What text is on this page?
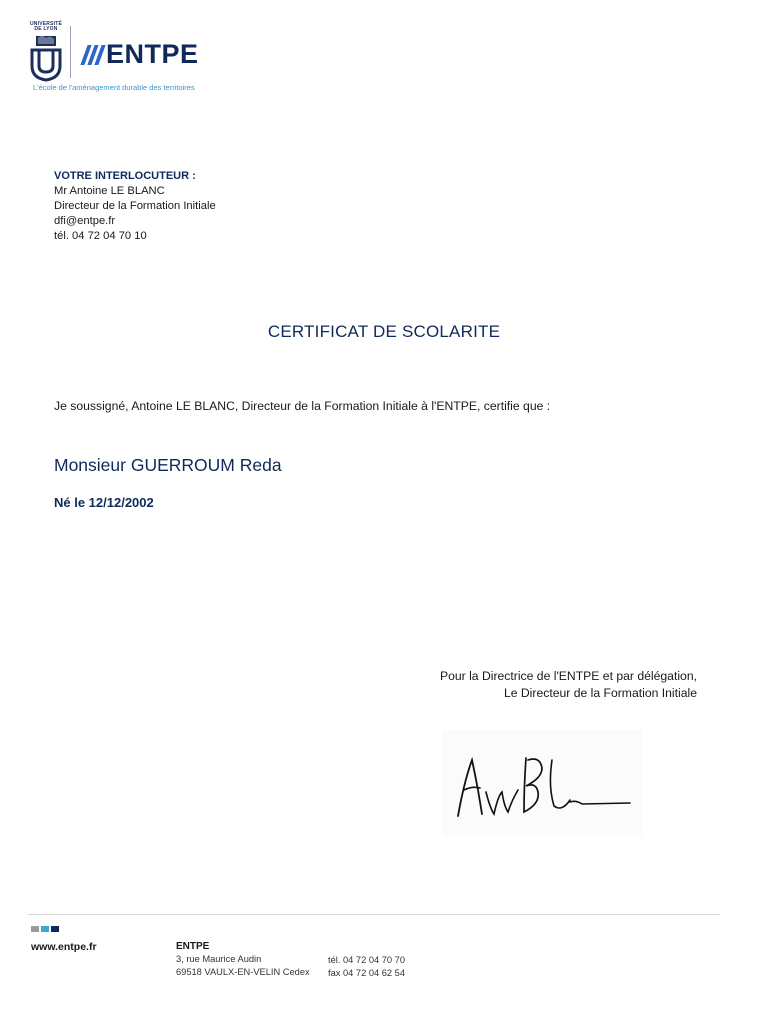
UNIVERSITÉ DE LYON
ENTPE
L'école de l'aménagement durable des territoires
VOTRE INTERLOCUTEUR :
Mr Antoine LE BLANC
Directeur de la Formation Initiale
dfi@entpe.fr
tél. 04 72 04 70 10
CERTIFICAT DE SCOLARITE
Je soussigné, Antoine LE BLANC, Directeur de la Formation Initiale à l'ENTPE, certifie que :
Monsieur GUERROUM Reda
Né le 12/12/2002
Pour la Directrice de l'ENTPE et par délégation,
Le Directeur de la Formation Initiale
www.entpe.fr	ENTPE
3, rue Maurice Audin
69518 VAULX-EN-VELIN Cedex
tél. 04 72 04 70 70
fax 04 72 04 62 54
